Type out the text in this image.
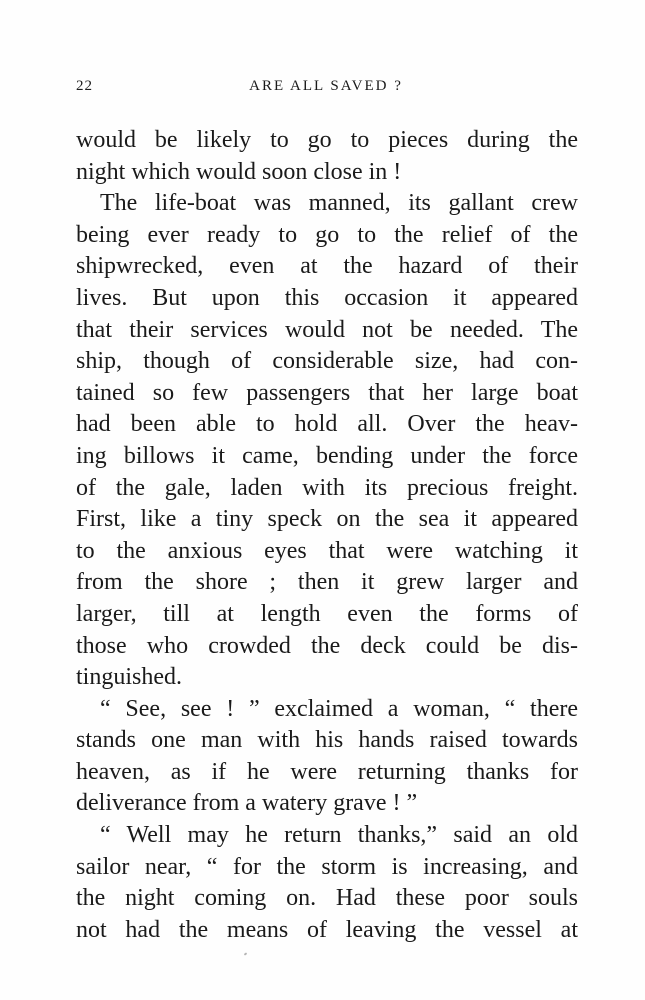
22	ARE ALL SAVED ?
would be likely to go to pieces during the
night which would soon close in !
The life-boat was manned, its gallant crew
being ever ready to go to the relief of the
shipwrecked, even at the hazard of their
lives. But upon this occasion it appeared
that their services would not be needed. The
ship, though of considerable size, had con-
tained so few passengers that her large boat
had been able to hold all. Over the heav-
ing billows it came, bending under the force
of the gale, laden with its precious freight.
First, like a tiny speck on the sea it appeared
to the anxious eyes that were watching it
from the shore ; then it grew larger and
larger, till at length even the forms of
those who crowded the deck could be dis-
tinguished.
“ See, see ! ” exclaimed a woman, “ there
stands one man with his hands raised towards
heaven, as if he were returning thanks for
deliverance from a watery grave ! ”
“ Well may he return thanks,” said an old
sailor near, “ for the storm is increasing, and
the night coming on. Had these poor souls
not had the means of leaving the vessel at
